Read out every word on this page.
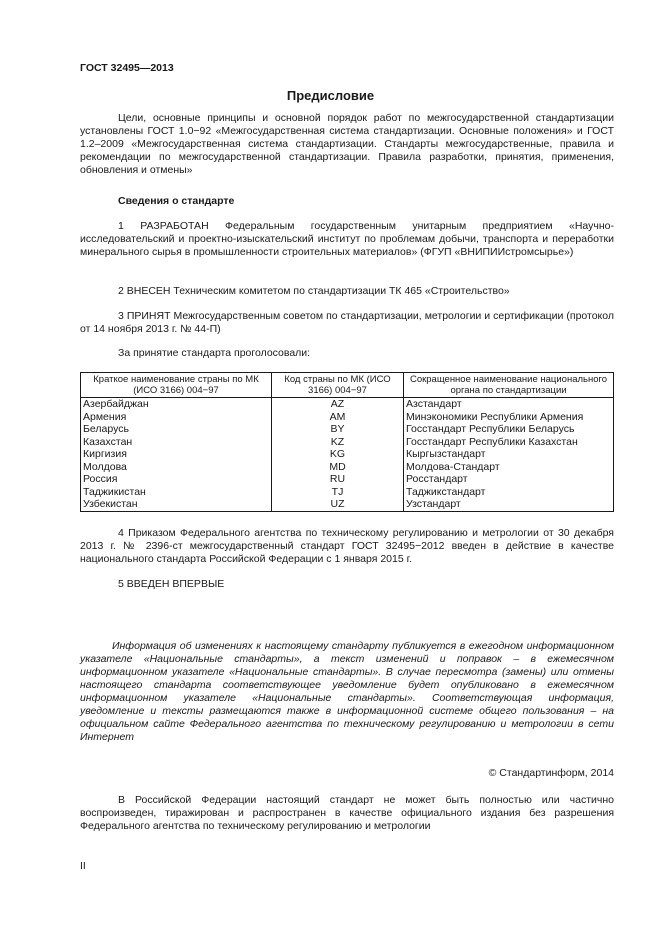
ГОСТ 32495—2013
Предисловие
Цели, основные принципы и основной порядок работ по межгосударственной стандартизации установлены ГОСТ 1.0−92 «Межгосударственная система стандартизации. Основные положения» и ГОСТ 1.2–2009 «Межгосударственная система стандартизации. Стандарты межгосударственные, правила и рекомендации по межгосударственной стандартизации. Правила разработки, принятия, применения, обновления и отмены»
Сведения о стандарте
1 РАЗРАБОТАН Федеральным государственным унитарным предприятием «Научно-исследовательский и проектно-изыскательский институт по проблемам добычи, транспорта и переработки минерального сырья в промышленности строительных материалов» (ФГУП «ВНИПИИстромсырье»)
2 ВНЕСЕН Техническим комитетом по стандартизации ТК 465 «Строительство»
3 ПРИНЯТ Межгосударственным советом по стандартизации, метрологии и сертификации (протокол от 14 ноября 2013 г. № 44-П)
За принятие стандарта проголосовали:
Краткое наименование страны по МК (ИСО 3166) 004−97	Код страны по МК (ИСО 3166) 004−97	Сокращенное наименование национального органа по стандартизации
Азербайджан	AZ	Азстандарт
Армения	AM	Минэкономики Республики Армения
Беларусь	BY	Госстандарт Республики Беларусь
Казахстан	KZ	Госстандарт Республики Казахстан
Киргизия	KG	Кыргызстандарт
Молдова	MD	Молдова-Стандарт
Россия	RU	Росстандарт
Таджикистан	TJ	Таджикстандарт
Узбекистан	UZ	Узстандарт
4 Приказом Федерального агентства по техническому регулированию и метрологии от 30 декабря 2013 г. № 2396-ст межгосударственный стандарт ГОСТ 32495−2012 введен в действие в качестве национального стандарта Российской Федерации с 1 января 2015 г.
5 ВВЕДЕН ВПЕРВЫЕ
Информация об изменениях к настоящему стандарту публикуется в ежегодном информационном указателе «Национальные стандарты», а текст изменений и поправок – в ежемесячном информационном указателе «Национальные стандарты». В случае пересмотра (замены) или отмены настоящего стандарта соответствующее уведомление будет опубликовано в ежемесячном информационном указателе «Национальные стандарты». Соответствующая информация, уведомление и тексты размещаются также в информационной системе общего пользования – на официальном сайте Федерального агентства по техническому регулированию и метрологии в сети Интернет
© Стандартинформ, 2014
В Российской Федерации настоящий стандарт не может быть полностью или частично воспроизведен, тиражирован и распространен в качестве официального издания без разрешения Федерального агентства по техническому регулированию и метрологии
II
